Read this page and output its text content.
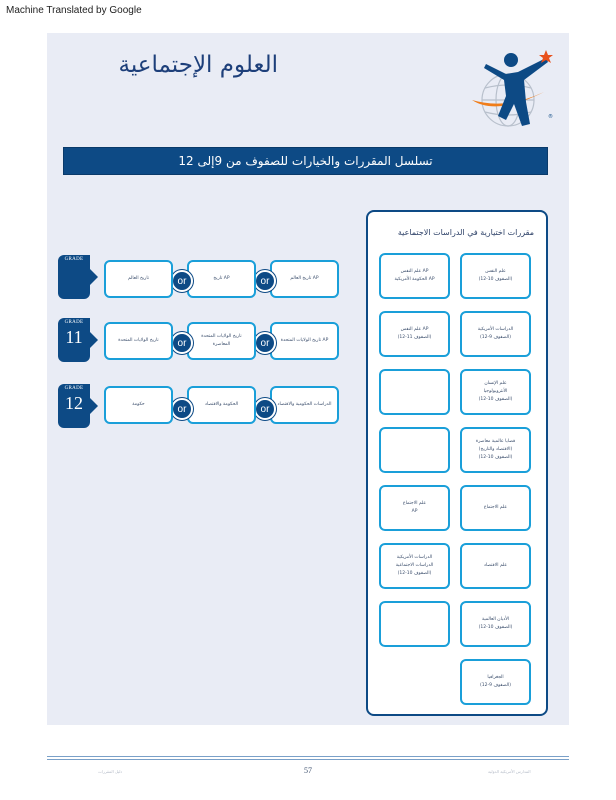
Machine Translated by Google
العلوم الإجتماعية
®
تسلسل المقررات والخيارات للصفوف من 9إلى 12
GRADE
AP تاريخ العالم
or
AP تاريخ
or
تاريخ العالم
GRADE
11	AP تاريخ الولايات المتحدة
or
تاريخ الولايات المتحدة المعاصرة
or
تاريخ الولايات المتحدة
GRADE
12	الدراسات الحكومية والاقتصاد
or
الحكومة والاقتصاد
or
حكومة
مقررات اختيارية في الدراسات الاجتماعية
علم النفس
(الصفوف 10-12)
AP علم النفس
AP الحكومة الأمريكية
الدراسات الأمريكية
(الصفوف 9-12)
AP علم النفس
(الصفوف 11-12)
علم الإنسان
الأنثروبولوجيا
(الصفوف 10-12)
قضايا عالمية معاصرة
(الاقتصاد والتاريخ)
(الصفوف 10-12)
علم الاجتماع
علم الاجتماع
AP
علم الاقتصاد
الدراسات الأمريكية
الدراسات الاجتماعية
(الصفوف 10-12)
الأديان العالمية
(الصفوف 10-12)
الجغرافيا
(الصفوف 9-12)
دليل المقررات	57	المدارس الأمريكية الدولية
